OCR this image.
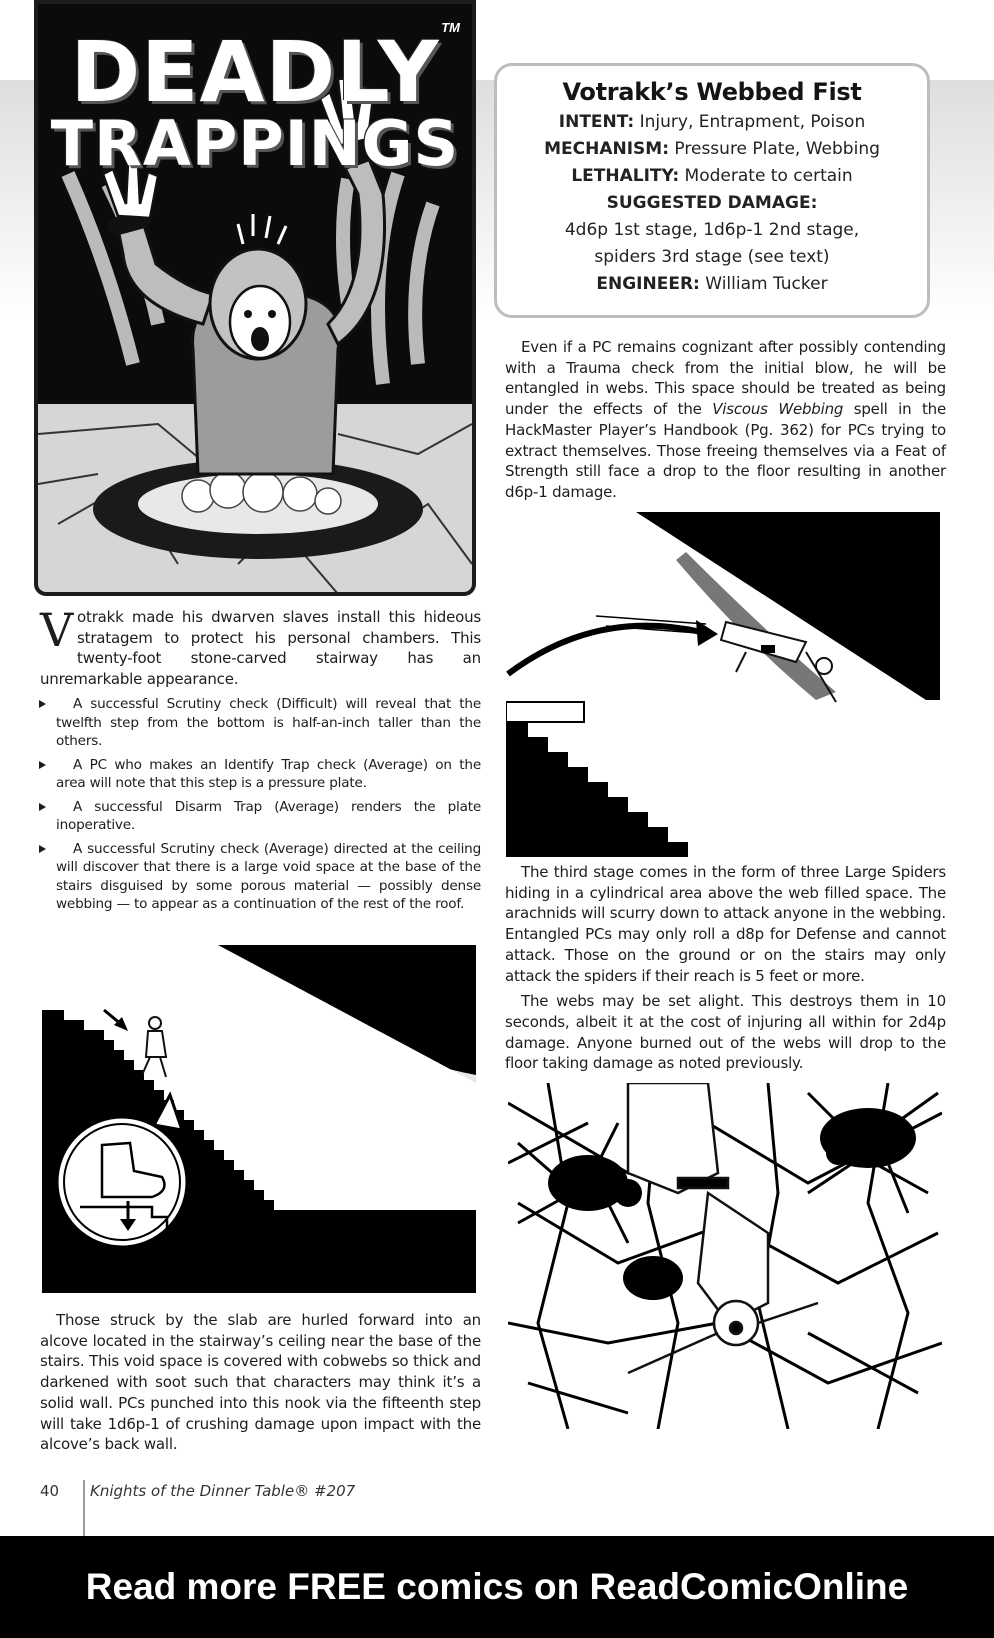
DEADLY
TRAPPINGS
TM
Votrakk’s Webbed Fist
INTENT: Injury, Entrapment, Poison
MECHANISM: Pressure Plate, Webbing
LETHALITY: Moderate to certain
SUGGESTED DAMAGE:
4d6p 1st stage, 1d6p-1 2nd stage,
spiders 3rd stage (see text)
ENGINEER: William Tucker
Votrakk made his dwarven slaves install this hideous stratagem to protect his personal chambers. This twenty-foot stone-carved stairway has an unremarkable appearance.
A successful Scrutiny check (Difficult) will reveal that the twelfth step from the bottom is half-an-inch taller than the others.
A PC who makes an Identify Trap check (Average) on the area will note that this step is a pressure plate.
A successful Disarm Trap (Average) renders the plate inoperative.
A successful Scrutiny check (Average) directed at the ceiling will discover that there is a large void space at the base of the stairs disguised by some porous material — possibly dense webbing — to appear as a continuation of the rest of the roof.

Those struck by the slab are hurled forward into an alcove located in the stairway’s ceiling near the base of the stairs. This void space is covered with cobwebs so thick and darkened with soot such that characters may think it’s a solid wall. PCs punched into this nook via the fifteenth step will take 1d6p-1 of crushing damage upon impact with the alcove’s back wall.

Even if a PC remains cognizant after possibly contending with a Trauma check from the initial blow, he will be entangled in webs. This space should be treated as being under the effects of the Viscous Webbing spell in the HackMaster Player’s Handbook (Pg. 362) for PCs trying to extract themselves. Those freeing themselves via a Feat of Strength still face a drop to the floor resulting in another d6p-1 damage.

The third stage comes in the form of three Large Spiders hiding in a cylindrical area above the web filled space. The arachnids will scurry down to attack anyone in the webbing. Entangled PCs may only roll a d8p for Defense and cannot attack. Those on the ground or on the stairs may only attack the spiders if their reach is 5 feet or more.

The webs may be set alight. This destroys them in 10 seconds, albeit it at the cost of injuring all within for 2d4p damage. Anyone burned out of the webs will drop to the floor taking damage as noted previously.

40 Knights of the Dinner Table® #207
Read more FREE comics on ReadComicOnline
